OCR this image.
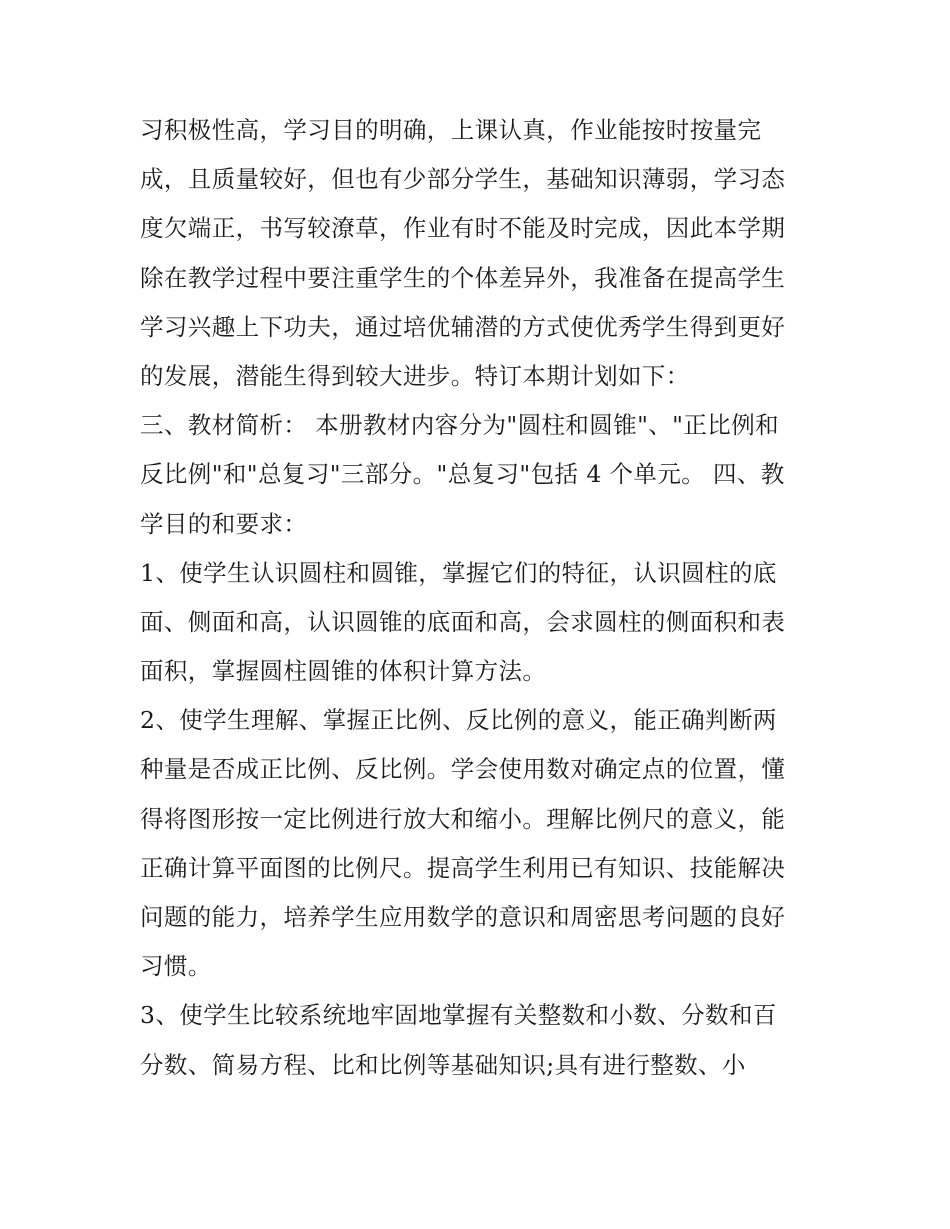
习积极性高，学习目的明确，上课认真，作业能按时按量完
成，且质量较好，但也有少部分学生，基础知识薄弱，学习态
度欠端正，书写较潦草，作业有时不能及时完成，因此本学期
除在教学过程中要注重学生的个体差异外，我准备在提高学生
学习兴趣上下功夫，通过培优辅潜的方式使优秀学生得到更好
的发展，潜能生得到较大进步。特订本期计划如下：
三、教材简析： 本册教材内容分为"圆柱和圆锥"、"正比例和
反比例"和"总复习"三部分。"总复习"包括 4 个单元。 四、教
学目的和要求：
1、使学生认识圆柱和圆锥，掌握它们的特征，认识圆柱的底
面、侧面和高，认识圆锥的底面和高，会求圆柱的侧面积和表
面积，掌握圆柱圆锥的体积计算方法。
2、使学生理解、掌握正比例、反比例的意义，能正确判断两
种量是否成正比例、反比例。学会使用数对确定点的位置，懂
得将图形按一定比例进行放大和缩小。理解比例尺的意义，能
正确计算平面图的比例尺。提高学生利用已有知识、技能解决
问题的能力，培养学生应用数学的意识和周密思考问题的良好
习惯。
3、使学生比较系统地牢固地掌握有关整数和小数、分数和百
分数、简易方程、比和比例等基础知识;具有进行整数、小
